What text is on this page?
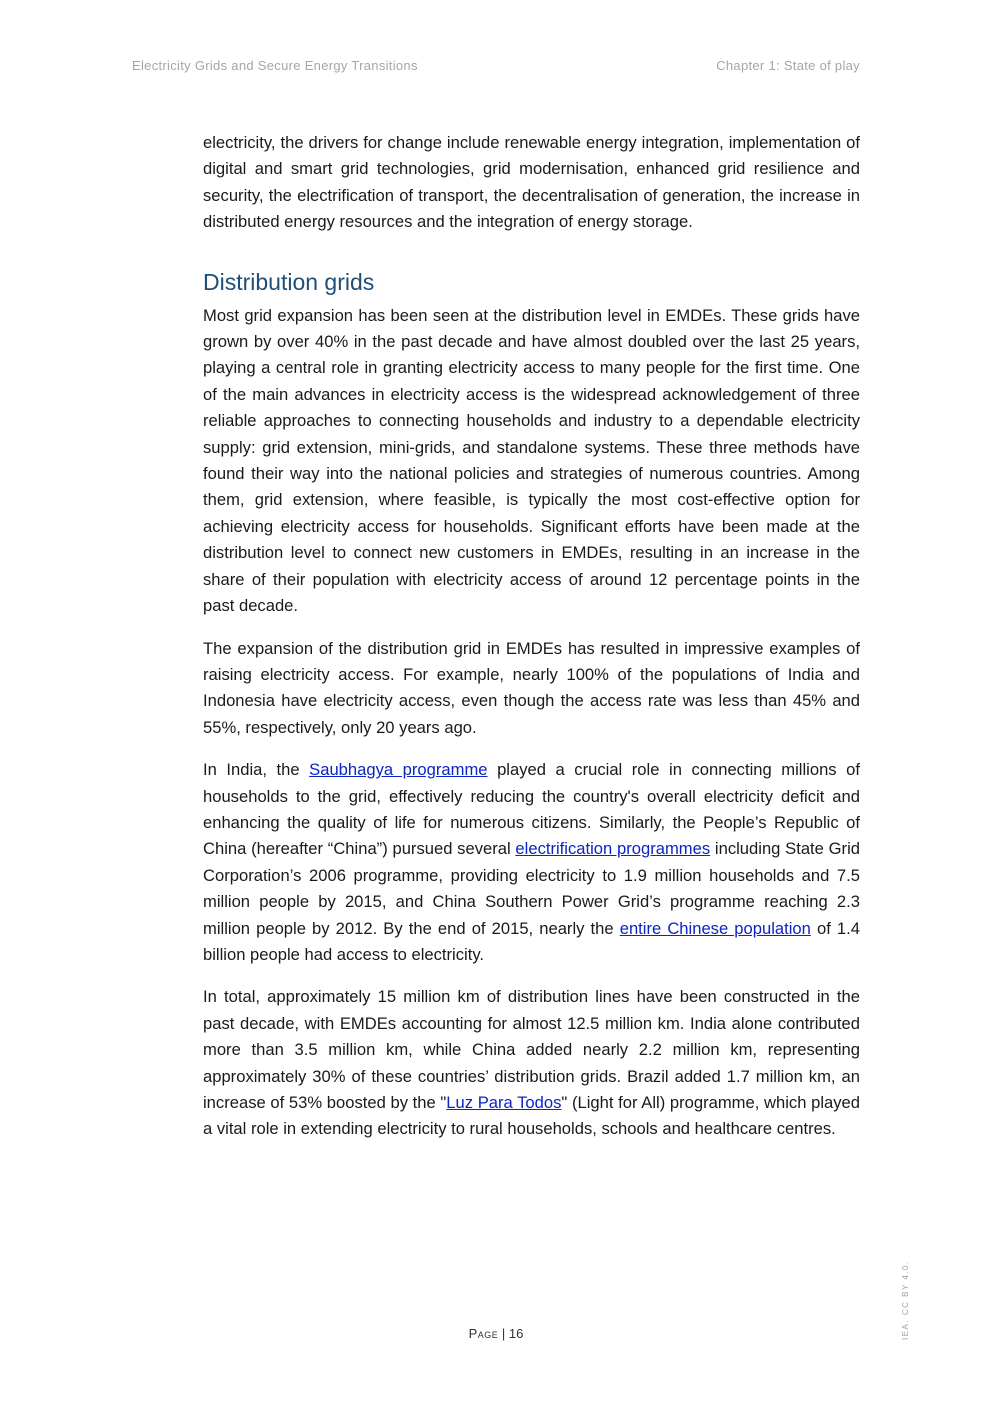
Electricity Grids and Secure Energy Transitions	Chapter 1: State of play

electricity, the drivers for change include renewable energy integration, implementation of digital and smart grid technologies, grid modernisation, enhanced grid resilience and security, the electrification of transport, the decentralisation of generation, the increase in distributed energy resources and the integration of energy storage.

Distribution grids

Most grid expansion has been seen at the distribution level in EMDEs. These grids have grown by over 40% in the past decade and have almost doubled over the last 25 years, playing a central role in granting electricity access to many people for the first time. One of the main advances in electricity access is the widespread acknowledgement of three reliable approaches to connecting households and industry to a dependable electricity supply: grid extension, mini-grids, and standalone systems. These three methods have found their way into the national policies and strategies of numerous countries. Among them, grid extension, where feasible, is typically the most cost-effective option for achieving electricity access for households. Significant efforts have been made at the distribution level to connect new customers in EMDEs, resulting in an increase in the share of their population with electricity access of around 12 percentage points in the past decade.

The expansion of the distribution grid in EMDEs has resulted in impressive examples of raising electricity access. For example, nearly 100% of the populations of India and Indonesia have electricity access, even though the access rate was less than 45% and 55%, respectively, only 20 years ago.

In India, the Saubhagya programme played a crucial role in connecting millions of households to the grid, effectively reducing the country's overall electricity deficit and enhancing the quality of life for numerous citizens. Similarly, the People’s Republic of China (hereafter “China”) pursued several electrification programmes including State Grid Corporation’s 2006 programme, providing electricity to 1.9 million households and 7.5 million people by 2015, and China Southern Power Grid’s programme reaching 2.3 million people by 2012. By the end of 2015, nearly the entire Chinese population of 1.4 billion people had access to electricity.

In total, approximately 15 million km of distribution lines have been constructed in the past decade, with EMDEs accounting for almost 12.5 million km. India alone contributed more than 3.5 million km, while China added nearly 2.2 million km, representing approximately 30% of these countries’ distribution grids. Brazil added 1.7 million km, an increase of 53% boosted by the "Luz Para Todos" (Light for All) programme, which played a vital role in extending electricity to rural households, schools and healthcare centres.

Page | 16	IEA. CC BY 4.0.
